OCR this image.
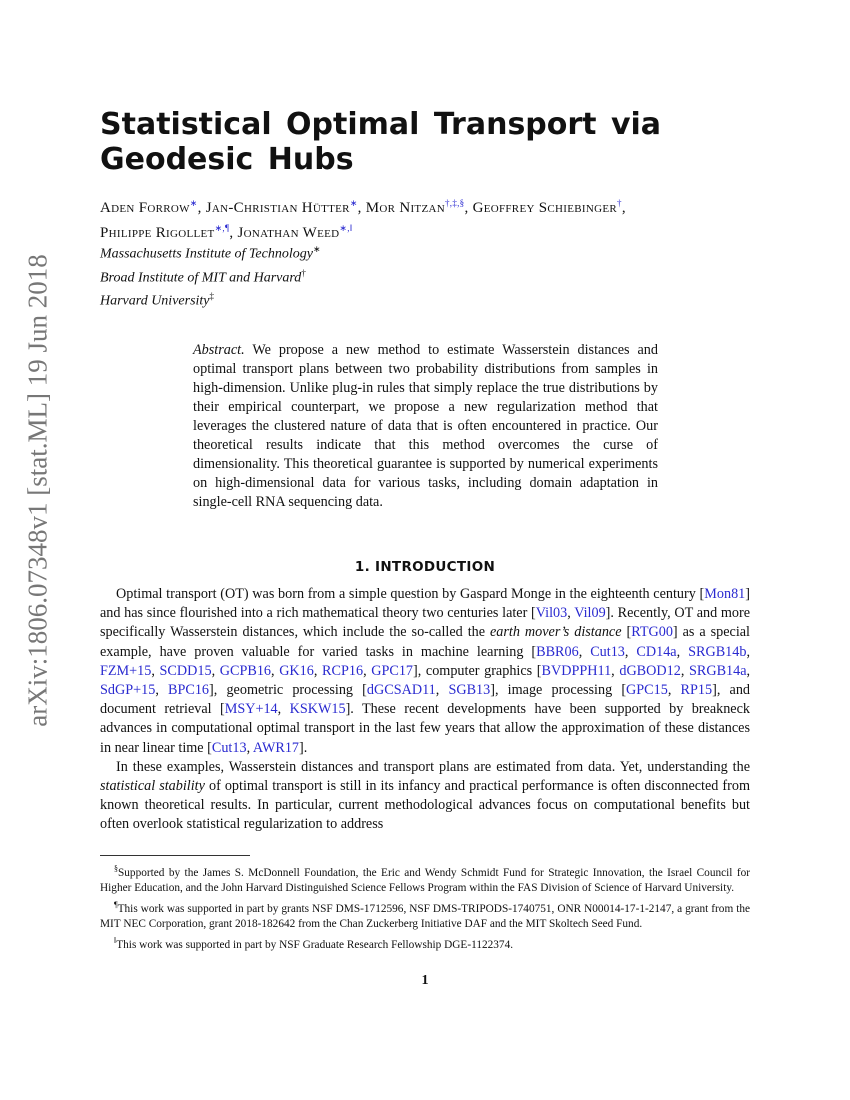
arXiv:1806.07348v1 [stat.ML] 19 Jun 2018
Statistical Optimal Transport via Geodesic Hubs
Aden Forrow∗, Jan-Christian Hütter∗, Mor Nitzan†,‡,§, Geoffrey Schiebinger†,
Philippe Rigollet∗,¶, Jonathan Weed∗,‖
Massachusetts Institute of Technology∗
Broad Institute of MIT and Harvard†
Harvard University‡
Abstract. We propose a new method to estimate Wasserstein distances and optimal transport plans between two probability distributions from samples in high-dimension. Unlike plug-in rules that simply replace the true distributions by their empirical counterpart, we propose a new regularization method that leverages the clustered nature of data that is often encountered in practice. Our theoretical results indicate that this method overcomes the curse of dimensionality. This theoretical guarantee is supported by numerical experiments on high-dimensional data for various tasks, including domain adaptation in single-cell RNA sequencing data.
1. INTRODUCTION

Optimal transport (OT) was born from a simple question by Gaspard Monge in the eighteenth century [Mon81] and has since flourished into a rich mathematical theory two centuries later [Vil03, Vil09]. Recently, OT and more specifically Wasserstein distances, which include the so-called the earth mover’s distance [RTG00] as a special example, have proven valuable for varied tasks in machine learning [BBR06, Cut13, CD14a, SRGB14b, FZM+15, SCDD15, GCPB16, GK16, RCP16, GPC17], computer graphics [BVDPPH11, dGBOD12, SRGB14a, SdGP+15, BPC16], geometric processing [dGCSAD11, SGB13], image processing [GPC15, RP15], and document retrieval [MSY+14, KSKW15]. These recent developments have been supported by breakneck advances in computational optimal transport in the last few years that allow the approximation of these distances in near linear time [Cut13, AWR17].

In these examples, Wasserstein distances and transport plans are estimated from data. Yet, understanding the statistical stability of optimal transport is still in its infancy and practical performance is often disconnected from known theoretical results. In particular, current methodological advances focus on computational benefits but often overlook statistical regularization to address

§Supported by the James S. McDonnell Foundation, the Eric and Wendy Schmidt Fund for Strategic Innovation, the Israel Council for Higher Education, and the John Harvard Distinguished Science Fellows Program within the FAS Division of Science of Harvard University.

¶This work was supported in part by grants NSF DMS-1712596, NSF DMS-TRIPODS-1740751, ONR N00014-17-1-2147, a grant from the MIT NEC Corporation, grant 2018-182642 from the Chan Zuckerberg Initiative DAF and the MIT Skoltech Seed Fund.

‖This work was supported in part by NSF Graduate Research Fellowship DGE-1122374.

1
